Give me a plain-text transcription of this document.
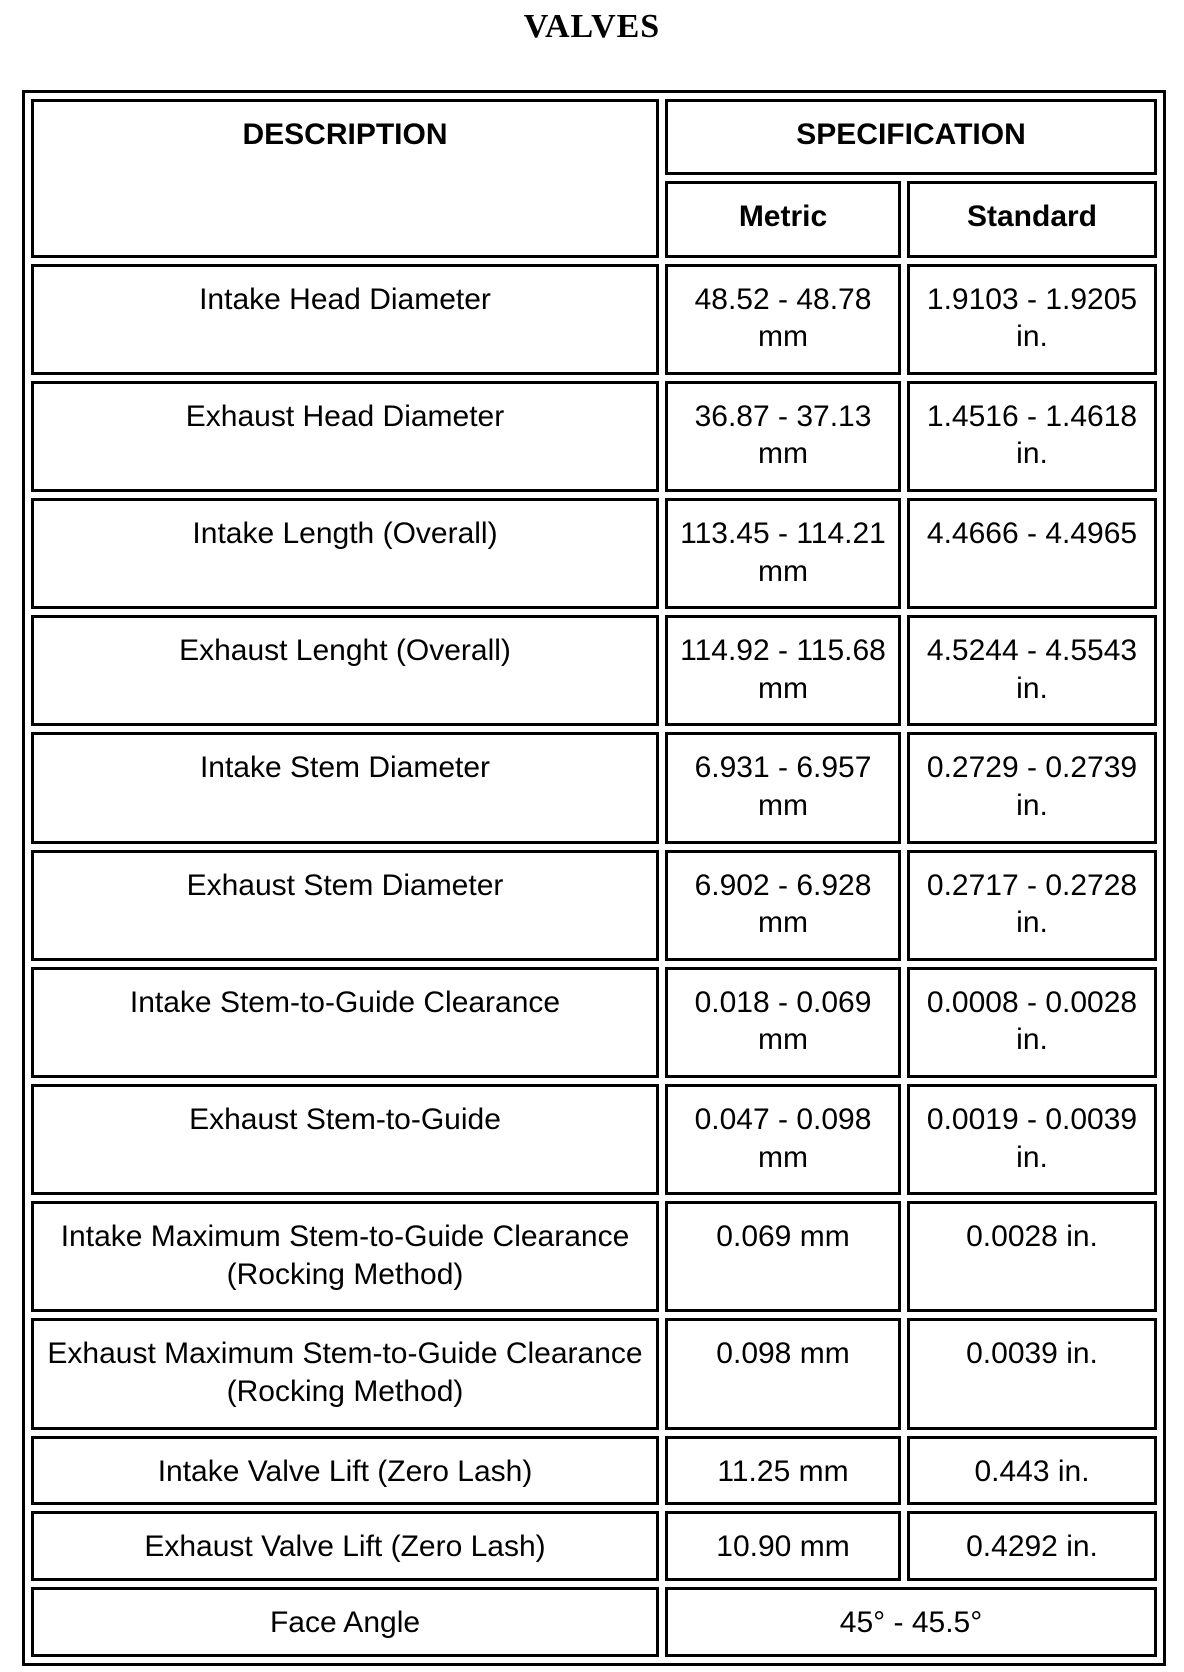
VALVES
DESCRIPTION	SPECIFICATION	
	Metric	Standard
Intake Head Diameter	48.52 - 48.78 mm	1.9103 - 1.9205 in.
Exhaust Head Diameter	36.87 - 37.13 mm	1.4516 - 1.4618 in.
Intake Length (Overall)	113.45 - 114.21 mm	4.4666 - 4.4965
Exhaust Lenght (Overall)	114.92 - 115.68 mm	4.5244 - 4.5543 in.
Intake Stem Diameter	6.931 - 6.957 mm	0.2729 - 0.2739 in.
Exhaust Stem Diameter	6.902 - 6.928 mm	0.2717 - 0.2728 in.
Intake Stem-to-Guide Clearance	0.018 - 0.069 mm	0.0008 - 0.0028 in.
Exhaust Stem-to-Guide	0.047 - 0.098 mm	0.0019 - 0.0039 in.
Intake Maximum Stem-to-Guide Clearance (Rocking Method)	0.069 mm	0.0028 in.
Exhaust Maximum Stem-to-Guide Clearance (Rocking Method)	0.098 mm	0.0039 in.
Intake Valve Lift (Zero Lash)	11.25 mm	0.443 in.
Exhaust Valve Lift (Zero Lash)	10.90 mm	0.4292 in.
Face Angle	45° - 45.5°	
